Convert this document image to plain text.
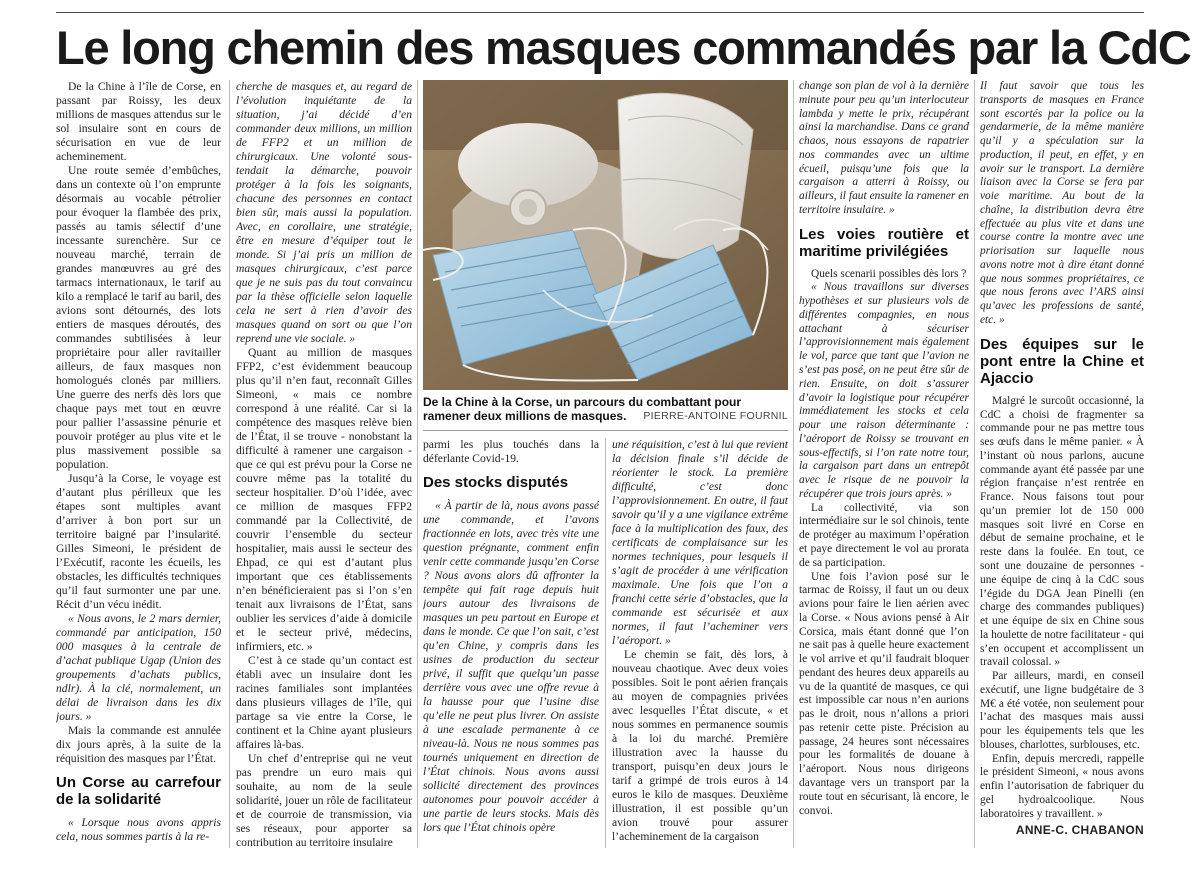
Le long chemin des masques commandés par la CdC

De la Chine à l’île de Corse, en passant par Roissy, les deux millions de masques attendus sur le sol insulaire sont en cours de sécurisation en vue de leur acheminement.

Une route semée d’embûches, dans un contexte où l’on emprunte désormais au vocable pétrolier pour évoquer la flambée des prix, passés au tamis sélectif d’une incessante surenchère. Sur ce nouveau marché, terrain de grandes manœuvres au gré des tarmacs internationaux, le tarif au kilo a remplacé le tarif au baril, des avions sont détournés, des lots entiers de masques déroutés, des commandes subtilisées à leur propriétaire pour aller ravitailler ailleurs, de faux masques non homologués clonés par milliers. Une guerre des nerfs dès lors que chaque pays met tout en œuvre pour pallier l’assassine pénurie et pouvoir protéger au plus vite et le plus massivement possible sa population.

Jusqu’à la Corse, le voyage est d’autant plus périlleux que les étapes sont multiples avant d’arriver à bon port sur un territoire baigné par l’insularité. Gilles Simeoni, le président de l’Exécutif, raconte les écueils, les obstacles, les difficultés techniques qu’il faut surmonter une par une. Récit d’un vécu inédit.

« Nous avons, le 2 mars dernier, commandé par anticipation, 150 000 masques à la centrale de d’achat publique Ugap (Union des groupements d’achats publics, ndlr). À la clé, normalement, un délai de livraison dans les dix jours. »

Mais la commande est annulée dix jours après, à la suite de la réquisition des masques par l’État.

Un Corse au carrefour de la solidarité

« Lorsque nous avons appris cela, nous sommes partis à la re-

cherche de masques et, au regard de l’évolution inquiétante de la situation, j’ai décidé d’en commander deux millions, un million de FFP2 et un million de chirurgicaux. Une volonté sous-tendait la démarche, pouvoir protéger à la fois les soignants, chacune des personnes en contact bien sûr, mais aussi la population. Avec, en corollaire, une stratégie, être en mesure d’équiper tout le monde. Si j’ai pris un million de masques chirurgicaux, c’est parce que je ne suis pas du tout convaincu par la thèse officielle selon laquelle cela ne sert à rien d’avoir des masques quand on sort ou que l’on reprend une vie sociale. »

Quant au million de masques FFP2, c’est évidemment beaucoup plus qu’il n’en faut, reconnaît Gilles Simeoni, « mais ce nombre correspond à une réalité. Car si la compétence des masques relève bien de l’État, il se trouve - nonobstant la difficulté à ramener une cargaison - que ce qui est prévu pour la Corse ne couvre même pas la totalité du secteur hospitalier. D’où l’idée, avec ce million de masques FFP2 commandé par la Collectivité, de couvrir l’ensemble du secteur hospitalier, mais aussi le secteur des Ehpad, ce qui est d’autant plus important que ces établissements n’en bénéficieraient pas si l’on s’en tenait aux livraisons de l’État, sans oublier les services d’aide à domicile et le secteur privé, médecins, infirmiers, etc. »

C’est à ce stade qu’un contact est établi avec un insulaire dont les racines familiales sont implantées dans plusieurs villages de l’île, qui partage sa vie entre la Corse, le continent et la Chine ayant plusieurs affaires là-bas.

Un chef d’entreprise qui ne veut pas prendre un euro mais qui souhaite, au nom de la seule solidarité, jouer un rôle de facilitateur et de courroie de transmission, via ses réseaux, pour apporter sa contribution au territoire insulaire

De la Chine à la Corse, un parcours du combattant pour ramener deux millions de masques. PIERRE-ANTOINE FOURNIL

parmi les plus touchés dans la déferlante Covid-19.

Des stocks disputés

« À partir de là, nous avons passé une commande, et l’avons fractionnée en lots, avec très vite une question prégnante, comment enfin venir cette commande jusqu’en Corse ? Nous avons alors dû affronter la tempête qui fait rage depuis huit jours autour des livraisons de masques un peu partout en Europe et dans le monde. Ce que l’on sait, c’est qu’en Chine, y compris dans les usines de production du secteur privé, il suffit que quelqu’un passe derrière vous avec une offre revue à la hausse pour que l’usine dise qu’elle ne peut plus livrer. On assiste à une escalade permanente à ce niveau-là. Nous ne nous sommes pas tournés uniquement en direction de l’État chinois. Nous avons aussi sollicité directement des provinces autonomes pour pouvoir accéder à une partie de leurs stocks. Mais dès lors que l’État chinois opère

une réquisition, c’est à lui que revient la décision finale s’il décide de réorienter le stock. La première difficulté, c’est donc l’approvisionnement. En outre, il faut savoir qu’il y a une vigilance extrême face à la multiplication des faux, des certificats de complaisance sur les normes techniques, pour lesquels il s’agit de procéder à une vérification maximale. Une fois que l’on a franchi cette série d’obstacles, que la commande est sécurisée et aux normes, il faut l’acheminer vers l’aéroport. »

Le chemin se fait, dès lors, à nouveau chaotique. Avec deux voies possibles. Soit le pont aérien français au moyen de compagnies privées avec lesquelles l’État discute, « et nous sommes en permanence soumis à la loi du marché. Première illustration avec la hausse du transport, puisqu’en deux jours le tarif a grimpé de trois euros à 14 euros le kilo de masques. Deuxième illustration, il est possible qu’un avion trouvé pour assurer l’acheminement de la cargaison

change son plan de vol à la dernière minute pour peu qu’un interlocuteur lambda y mette le prix, récupérant ainsi la marchandise. Dans ce grand chaos, nous essayons de rapatrier nos commandes avec un ultime écueil, puisqu’une fois que la cargaison a atterri à Roissy, ou ailleurs, il faut ensuite la ramener en territoire insulaire. »

Les voies routière et maritime privilégiées

Quels scenarii possibles dès lors ?

« Nous travaillons sur diverses hypothèses et sur plusieurs vols de différentes compagnies, en nous attachant à sécuriser l’approvisionnement mais également le vol, parce que tant que l’avion ne s’est pas posé, on ne peut être sûr de rien. Ensuite, on doit s’assurer d’avoir la logistique pour récupérer immédiatement les stocks et cela pour une raison déterminante : l’aéroport de Roissy se trouvant en sous-effectifs, si l’on rate notre tour, la cargaison part dans un entrepôt avec le risque de ne pouvoir la récupérer que trois jours après. »

La collectivité, via son intermédiaire sur le sol chinois, tente de protéger au maximum l’opération et paye directement le vol au prorata de sa participation.

Une fois l’avion posé sur le tarmac de Roissy, il faut un ou deux avions pour faire le lien aérien avec la Corse. « Nous avions pensé à Air Corsica, mais étant donné que l’on ne sait pas à quelle heure exactement le vol arrive et qu’il faudrait bloquer pendant des heures deux appareils au vu de la quantité de masques, ce qui est impossible car nous n’en aurions pas le droit, nous n’allons a priori pas retenir cette piste. Précision au passage, 24 heures sont nécessaires pour les formalités de douane à l’aéroport. Nous nous dirigeons davantage vers un transport par la route tout en sécurisant, là encore, le convoi.

Il faut savoir que tous les transports de masques en France sont escortés par la police ou la gendarmerie, de la même manière qu’il y a spéculation sur la production, il peut, en effet, y en avoir sur le transport. La dernière liaison avec la Corse se fera par voie maritime. Au bout de la chaîne, la distribution devra être effectuée au plus vite et dans une course contre la montre avec une priorisation sur laquelle nous avons notre mot à dire étant donné que nous sommes propriétaires, ce que nous ferons avec l’ARS ainsi qu’avec les professions de santé, etc. »

Des équipes sur le pont entre la Chine et Ajaccio

Malgré le surcoût occasionné, la CdC a choisi de fragmenter sa commande pour ne pas mettre tous ses œufs dans le même panier. « À l’instant où nous parlons, aucune commande ayant été passée par une région française n’est rentrée en France. Nous faisons tout pour qu’un premier lot de 150 000 masques soit livré en Corse en début de semaine prochaine, et le reste dans la foulée. En tout, ce sont une douzaine de personnes - une équipe de cinq à la CdC sous l’égide du DGA Jean Pinelli (en charge des commandes publiques) et une équipe de six en Chine sous la houlette de notre facilitateur - qui s’en occupent et accomplissent un travail colossal. »

Par ailleurs, mardi, en conseil exécutif, une ligne budgétaire de 3 M€ a été votée, non seulement pour l’achat des masques mais aussi pour les équipements tels que les blouses, charlottes, surblouses, etc.

Enfin, depuis mercredi, rappelle le président Simeoni, « nous avons enfin l’autorisation de fabriquer du gel hydroalcoolique. Nous laboratoires y travaillent. »

ANNE-C. CHABANON
